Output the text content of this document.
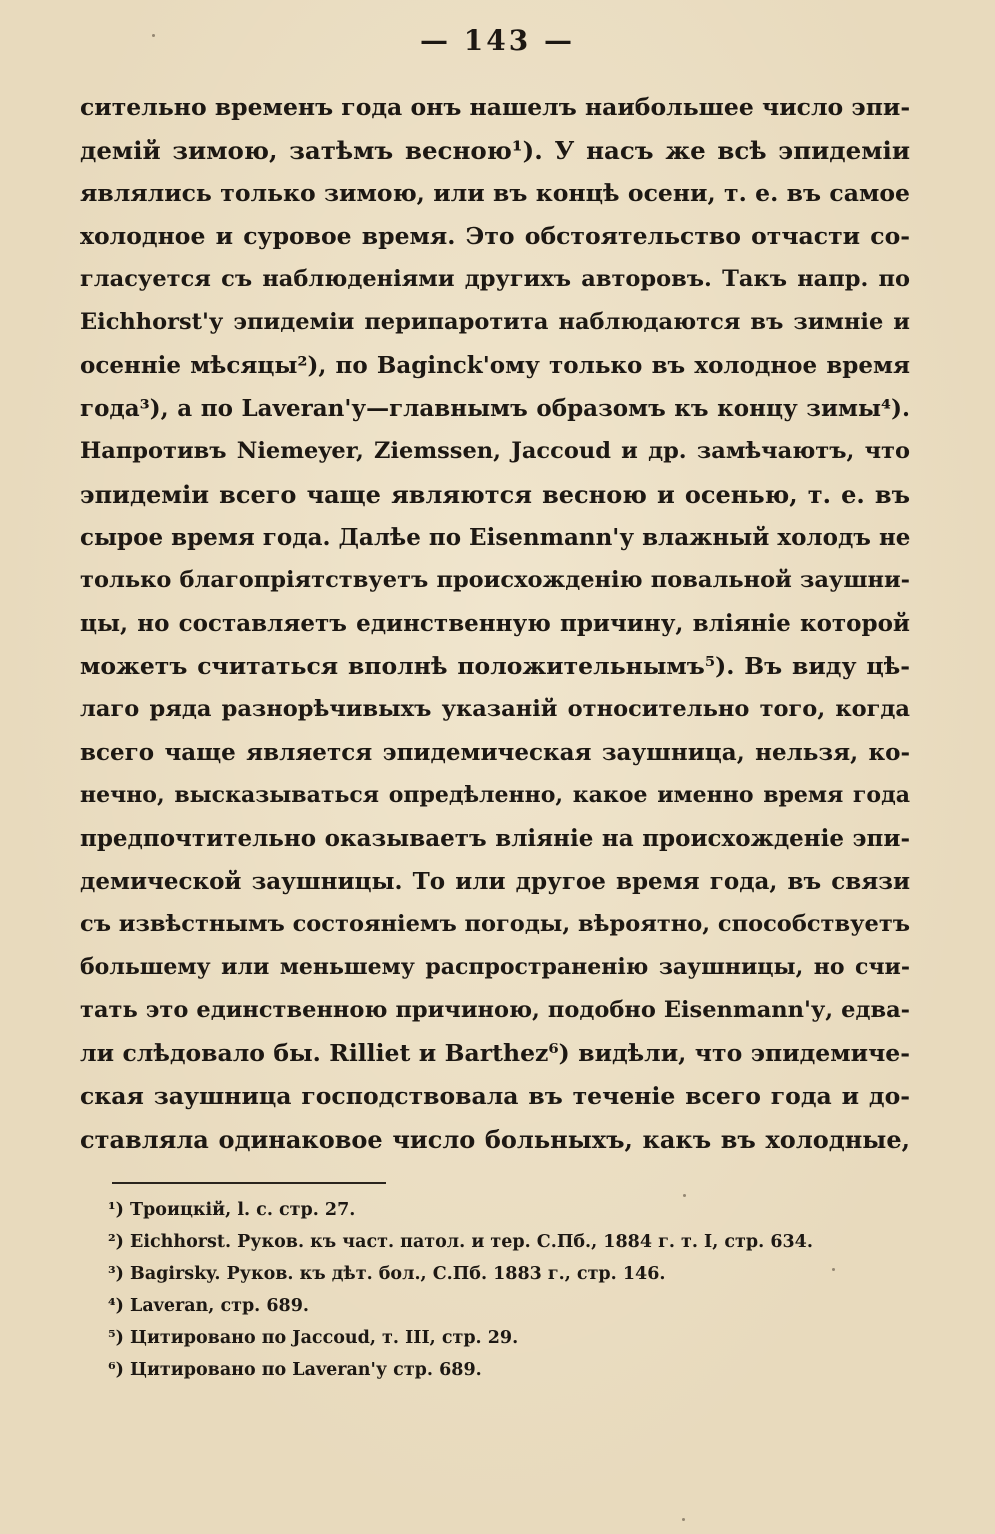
— 143 —
сительно временъ года онъ нашелъ наибольшее число эпи-
демій зимою, затѣмъ весною¹). У насъ же всѣ эпидеміи
являлись только зимою, или въ концѣ осени, т. е. въ самое
холодное и суровое время. Это обстоятельство отчасти со-
гласуется съ наблюденіями другихъ авторовъ. Такъ напр. по
Eichhorst'у эпидеміи перипаротита наблюдаются въ зимніе и
осенніе мѣсяцы²), по Baginck'ому только въ холодное время
года³), а по Laveran'у—главнымъ образомъ къ концу зимы⁴).
Напротивъ Niemeyer, Ziemssen, Jaccoud и др. замѣчаютъ, что
эпидеміи всего чаще являются весною и осенью, т. е. въ
сырое время года. Далѣе по Eisenmann'у влажный холодъ не
только благопріятствуетъ происхожденію повальной заушни-
цы, но составляетъ единственную причину, вліяніе которой
можетъ считаться вполнѣ положительнымъ⁵). Въ виду цѣ-
лаго ряда разнорѣчивыхъ указаній относительно того, когда
всего чаще является эпидемическая заушница, нельзя, ко-
нечно, высказываться опредѣленно, какое именно время года
предпочтительно оказываетъ вліяніе на происхожденіе эпи-
демической заушницы. То или другое время года, въ связи
съ извѣстнымъ состояніемъ погоды, вѣроятно, способствуетъ
большему или меньшему распространенію заушницы, но счи-
тать это единственною причиною, подобно Eisenmann'у, едва-
ли слѣдовало бы. Rilliet и Barthez⁶) видѣли, что эпидемиче-
ская заушница господствовала въ теченіе всего года и до-
ставляла одинаковое число больныхъ, какъ въ холодные,
¹) Троицкій, l. c. стр. 27.
²) Eichhorst. Руков. къ част. патол. и тер. С.Пб., 1884 г. т. I, стр. 634.
³) Bagirsky. Руков. къ дѣт. бол., С.Пб. 1883 г., стр. 146.
⁴) Laveran, стр. 689.
⁵) Цитировано по Jaccoud, т. III, стр. 29.
⁶) Цитировано по Laveran'у стр. 689.
